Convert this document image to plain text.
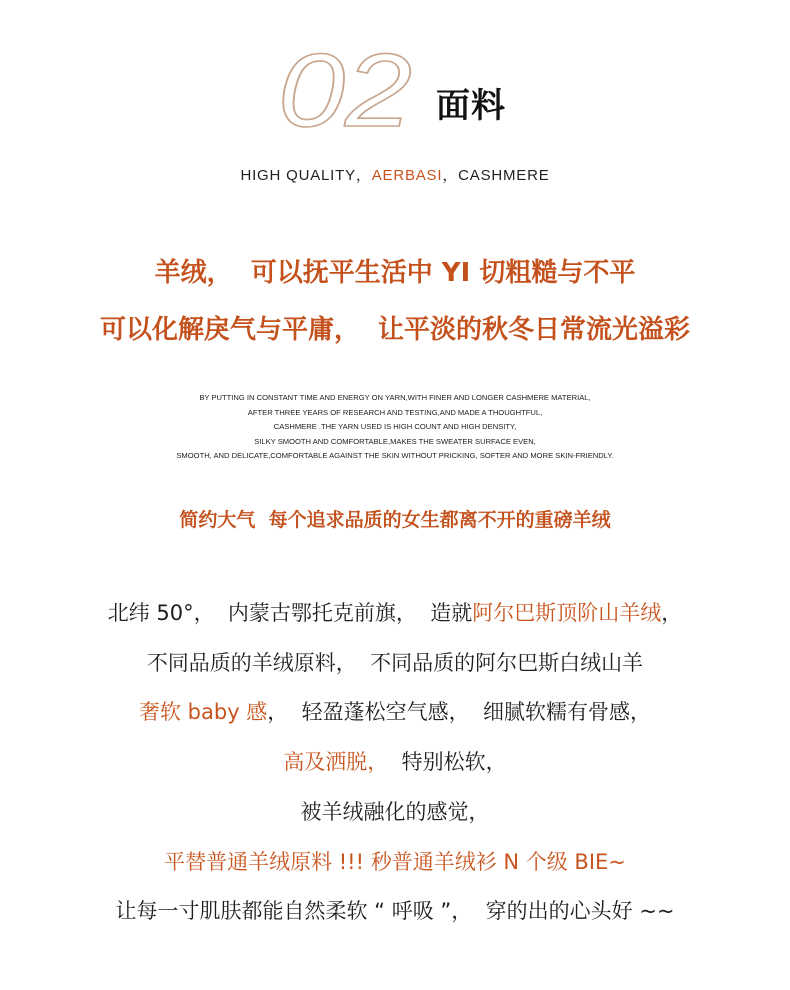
02 面料
HIGH QUALITY，AERBASI，CASHMERE
羊绒，  可以抚平生活中 YI 切粗糙与不平
可以化解戾气与平庸，  让平淡的秋冬日常流光溢彩
BY PUTTING IN CONSTANT TIME AND ENERGY ON YARN,WITH FINER AND LONGER CASHMERE MATERIAL,
AFTER THREE YEARS OF RESEARCH AND TESTING,AND MADE A THOUGHTFUL,
CASHMERE .THE YARN USED IS HIGH COUNT AND HIGH DENSITY,
SILKY SMOOTH AND COMFORTABLE,MAKES THE SWEATER SURFACE EVEN,
SMOOTH, AND DELICATE,COMFORTABLE AGAINST THE SKIN WITHOUT PRICKING, SOFTER AND MORE SKIN-FRIENDLY.
简约大气  每个追求品质的女生都离不开的重磅羊绒
北纬 50°，  内蒙古鄂托克前旗，  造就阿尔巴斯顶阶山羊绒，
不同品质的羊绒原料，  不同品质的阿尔巴斯白绒山羊
奢软 baby 感，  轻盈蓬松空气感，  细腻软糯有骨感，
高及洒脱，  特别松软，
被羊绒融化的感觉，
平替普通羊绒原料 !!! 秒普通羊绒衫 N 个级 BIE~
让每一寸肌肤都能自然柔软 “ 呼吸 ”，  穿的出的心头好 ~~
